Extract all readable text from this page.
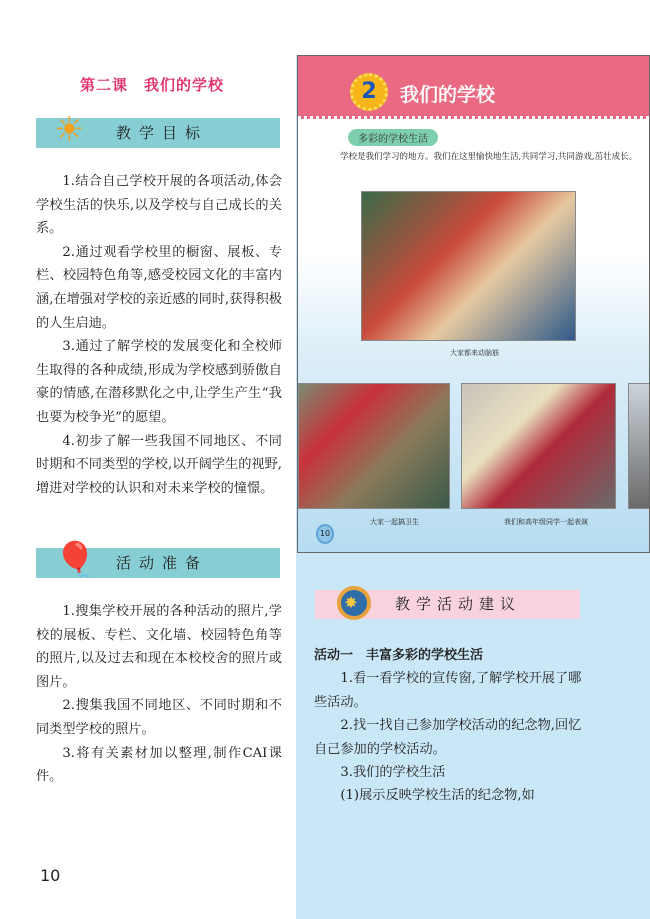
第二课　我们的学校
☀ 教学目标

1.结合自己学校开展的各项活动,体会学校生活的快乐,以及学校与自己成长的关系。

2.通过观看学校里的橱窗、展板、专栏、校园特色角等,感受校园文化的丰富内涵,在增强对学校的亲近感的同时,获得积极的人生启迪。

3.通过了解学校的发展变化和全校师生取得的各种成绩,形成为学校感到骄傲自豪的情感,在潜移默化之中,让学生产生“我也要为校争光”的愿望。

4.初步了解一些我国不同地区、不同时期和不同类型的学校,以开阔学生的视野,增进对学校的认识和对未来学校的憧憬。

🎈 活动准备

1.搜集学校开展的各种活动的照片,学校的展板、专栏、文化墙、校园特色角等的照片,以及过去和现在本校校舍的照片或图片。

2.搜集我国不同地区、不同时期和不同类型学校的照片。

3.将有关素材加以整理,制作CAI课件。

10
2	我们的学校
多彩的学校生活
学校是我们学习的地方。我们在这里愉快地生活,共同学习,共同游戏,茁壮成长。
大家都来动脑筋
大家一起搞卫生	我们和高年级同学一起表演
10
✸	教学活动建议
活动一　丰富多彩的学校生活

1.看一看学校的宣传窗,了解学校开展了哪些活动。

2.找一找自己参加学校活动的纪念物,回忆自己参加的学校活动。

3.我们的学校生活

(1)展示反映学校生活的纪念物,如
